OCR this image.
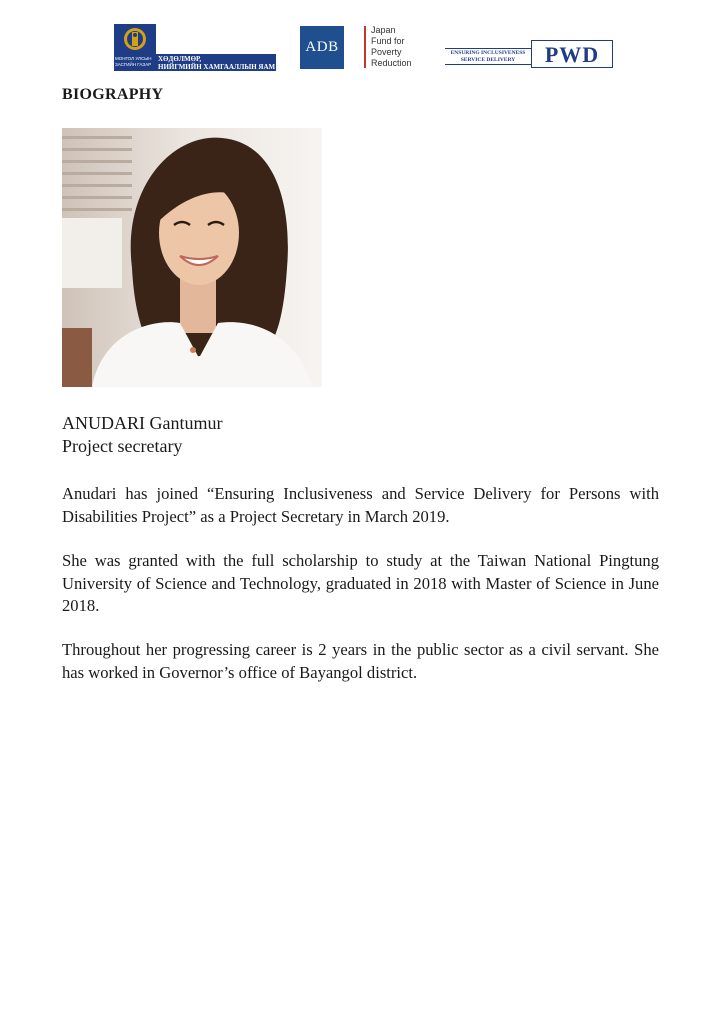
МОНГОЛ УЛСЫН
ЗАСГИЙН ГАЗАР
ХӨДӨЛМӨР,
НИЙГМИЙН ХАМГААЛЛЫН ЯАМ
ADB
Japan
Fund for
Poverty
Reduction
ENSURING INCLUSIVENESS
SERVICE DELIVERY	PWD
BIOGRAPHY
ANUDARI Gantumur
Project secretary

Anudari has joined “Ensuring Inclusiveness and Service Delivery for Persons with Disabilities Project” as a Project Secretary in March 2019.

She was granted with the full scholarship to study at the Taiwan National Pingtung University of Science and Technology, graduated in 2018 with Master of Science in June 2018.

Throughout her progressing career is 2 years in the public sector as a civil servant. She has worked in Governor’s office of Bayangol district.
